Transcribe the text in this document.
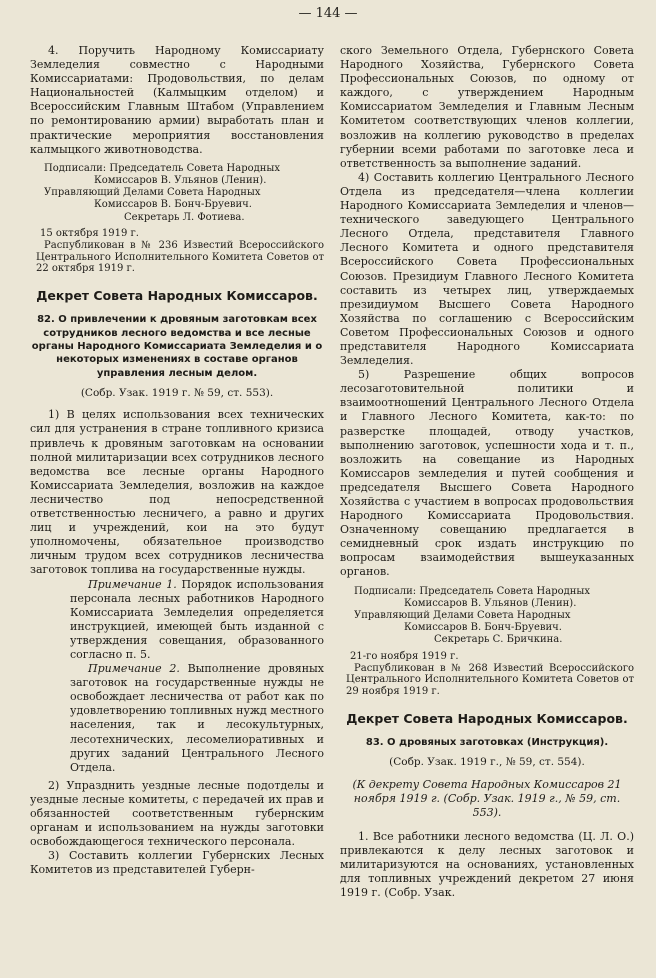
— 144 —

4. Поручить Народному Комиссариату Земледелия совместно с Народными Комиссариатами: Продовольствия, по делам Национальностей (Калмыцким отделом) и Всероссийским Главным Штабом (Управлением по ремонтированию армии) выработать план и практические мероприятия восстановления калмыцкого животноводства.

Подписали: Председатель Совета Народных
Комиссаров В. Ульянов (Ленин).
Управляющий Делами Совета Народных
Комиссаров В. Бонч-Бруевич.
Секретарь Л. Фотиева.
15 октября 1919 г.

Распубликован в № 236 Известий Всероссийского Центрального Исполнительного Комитета Советов от 22 октября 1919 г.

Декрет Совета Народных Комиссаров.
82. О привлечении к дровяным заготовкам всех сотрудников лесного ведомства и все лесные органы Народного Комиссариата Земледелия и о некоторых изменениях в составе органов управления лесным делом.
(Собр. Узак. 1919 г. № 59, ст. 553).

1) В целях использования всех технических сил для устранения в стране топливного кризиса привлечь к дровяным заготовкам на основании полной милитаризации всех сотрудников лесного ведомства все лесные органы Народного Комиссариата Земледелия, возложив на каждое лесничество под непосредственной ответственностью лесничего, а равно и других лиц и учреждений, кои на это будут уполномочены, обязательное производство личным трудом всех сотрудников лесничества заготовок топлива на государственные нужды.

Примечание 1. Порядок использования персонала лесных работников Народного Комиссариата Земледелия определяется инструкцией, имеющей быть изданной с утверждения совещания, образованного согласно п. 5.

Примечание 2. Выполнение дровяных заготовок на государственные нужды не освобождает лесничества от работ как по удовлетворению топливных нужд местного населения, так и лесокультурных, лесотехнических, лесомелиоративных и других заданий Центрального Лесного Отдела.

2) Упразднить уездные лесные подотделы и уездные лесные комитеты, с передачей их прав и обязанностей соответственным губернским органам и использованием на нужды заготовки освобождающегося технического персонала.

3) Составить коллегии Губернских Лесных Комитетов из представителей Губерн-

ского Земельного Отдела, Губернского Совета Народного Хозяйства, Губернского Совета Профессиональных Союзов, по одному от каждого, с утверждением Народным Комиссариатом Земледелия и Главным Лесным Комитетом соответствующих членов коллегии, возложив на коллегию руководство в пределах губернии всеми работами по заготовке леса и ответственность за выполнение заданий.

4) Составить коллегию Центрального Лесного Отдела из председателя—члена коллегии Народного Комиссариата Земледелия и членов—технического заведующего Центрального Лесного Отдела, представителя Главного Лесного Комитета и одного представителя Всероссийского Совета Профессиональных Союзов. Президиум Главного Лесного Комитета составить из четырех лиц, утверждаемых президиумом Высшего Совета Народного Хозяйства по соглашению с Всероссийским Советом Профессиональных Союзов и одного представителя Народного Комиссариата Земледелия.

5) Разрешение общих вопросов лесозаготовительной политики и взаимоотношений Центрального Лесного Отдела и Главного Лесного Комитета, как-то: по разверстке площадей, отводу участков, выполнению заготовок, успешности хода и т. п., возложить на совещание из Народных Комиссаров земледелия и путей сообщения и председателя Высшего Совета Народного Хозяйства с участием в вопросах продовольствия Народного Комиссариата Продовольствия. Означенному совещанию предлагается в семидневный срок издать инструкцию по вопросам взаимодействия вышеуказанных органов.

Подписали: Председатель Совета Народных
Комиссаров В. Ульянов (Ленин).
Управляющий Делами Совета Народных
Комиссаров В. Бонч-Бруевич.
Секретарь С. Бричкина.
21-го ноября 1919 г.

Распубликован в № 268 Известий Всероссийского Центрального Исполнительного Комитета Советов от 29 ноября 1919 г.

Декрет Совета Народных Комиссаров.
83. О дровяных заготовках (Инструкция).
(Собр. Узак. 1919 г., № 59, ст. 554).
(К декрету Совета Народных Комиссаров 21 ноября 1919 г. (Собр. Узак. 1919 г., № 59, ст. 553).

1. Все работники лесного ведомства (Ц. Л. О.) привлекаются к делу лесных заготовок и милитаризуются на основаниях, установленных для топливных учреждений декретом 27 июня 1919 г. (Собр. Узак.
